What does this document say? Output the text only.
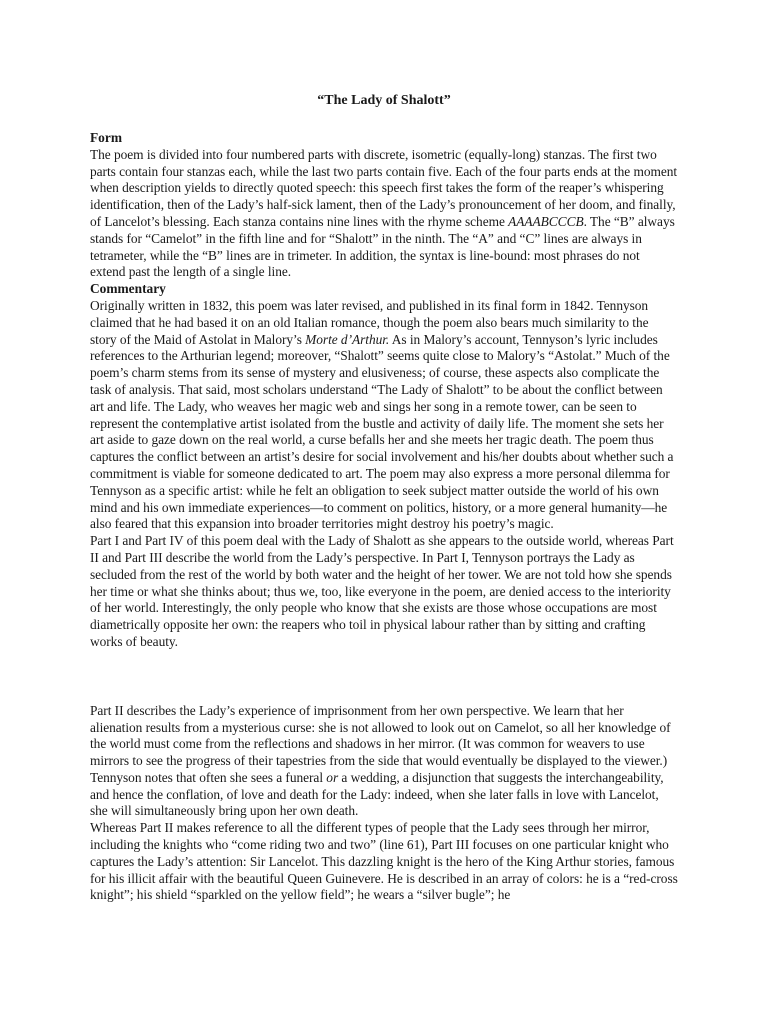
“The Lady of Shalott”

Form

The poem is divided into four numbered parts with discrete, isometric (equally-long) stanzas. The first two parts contain four stanzas each, while the last two parts contain five. Each of the four parts ends at the moment when description yields to directly quoted speech: this speech first takes the form of the reaper’s whispering identification, then of the Lady’s half-sick lament, then of the Lady’s pronouncement of her doom, and finally, of Lancelot’s blessing. Each stanza contains nine lines with the rhyme scheme AAAABCCCB. The “B” always stands for “Camelot” in the fifth line and for “Shalott” in the ninth. The “A” and “C” lines are always in tetrameter, while the “B” lines are in trimeter. In addition, the syntax is line-bound: most phrases do not extend past the length of a single line.

Commentary

Originally written in 1832, this poem was later revised, and published in its final form in 1842. Tennyson claimed that he had based it on an old Italian romance, though the poem also bears much similarity to the story of the Maid of Astolat in Malory’s Morte d’Arthur. As in Malory’s account, Tennyson’s lyric includes references to the Arthurian legend; moreover, “Shalott” seems quite close to Malory’s “Astolat.” Much of the poem’s charm stems from its sense of mystery and elusiveness; of course, these aspects also complicate the task of analysis. That said, most scholars understand “The Lady of Shalott” to be about the conflict between art and life. The Lady, who weaves her magic web and sings her song in a remote tower, can be seen to represent the contemplative artist isolated from the bustle and activity of daily life. The moment she sets her art aside to gaze down on the real world, a curse befalls her and she meets her tragic death. The poem thus captures the conflict between an artist’s desire for social involvement and his/her doubts about whether such a commitment is viable for someone dedicated to art. The poem may also express a more personal dilemma for Tennyson as a specific artist: while he felt an obligation to seek subject matter outside the world of his own mind and his own immediate experiences—to comment on politics, history, or a more general humanity—he also feared that this expansion into broader territories might destroy his poetry’s magic.

Part I and Part IV of this poem deal with the Lady of Shalott as she appears to the outside world, whereas Part II and Part III describe the world from the Lady’s perspective. In Part I, Tennyson portrays the Lady as secluded from the rest of the world by both water and the height of her tower. We are not told how she spends her time or what she thinks about; thus we, too, like everyone in the poem, are denied access to the interiority of her world. Interestingly, the only people who know that she exists are those whose occupations are most diametrically opposite her own: the reapers who toil in physical labour rather than by sitting and crafting works of beauty.

Part II describes the Lady’s experience of imprisonment from her own perspective. We learn that her alienation results from a mysterious curse: she is not allowed to look out on Camelot, so all her knowledge of the world must come from the reflections and shadows in her mirror. (It was common for weavers to use mirrors to see the progress of their tapestries from the side that would eventually be displayed to the viewer.) Tennyson notes that often she sees a funeral or a wedding, a disjunction that suggests the interchangeability, and hence the conflation, of love and death for the Lady: indeed, when she later falls in love with Lancelot, she will simultaneously bring upon her own death.

Whereas Part II makes reference to all the different types of people that the Lady sees through her mirror, including the knights who “come riding two and two” (line 61), Part III focuses on one particular knight who captures the Lady’s attention: Sir Lancelot. This dazzling knight is the hero of the King Arthur stories, famous for his illicit affair with the beautiful Queen Guinevere. He is described in an array of colors: he is a “red-cross knight”; his shield “sparkled on the yellow field”; he wears a “silver bugle”; he
